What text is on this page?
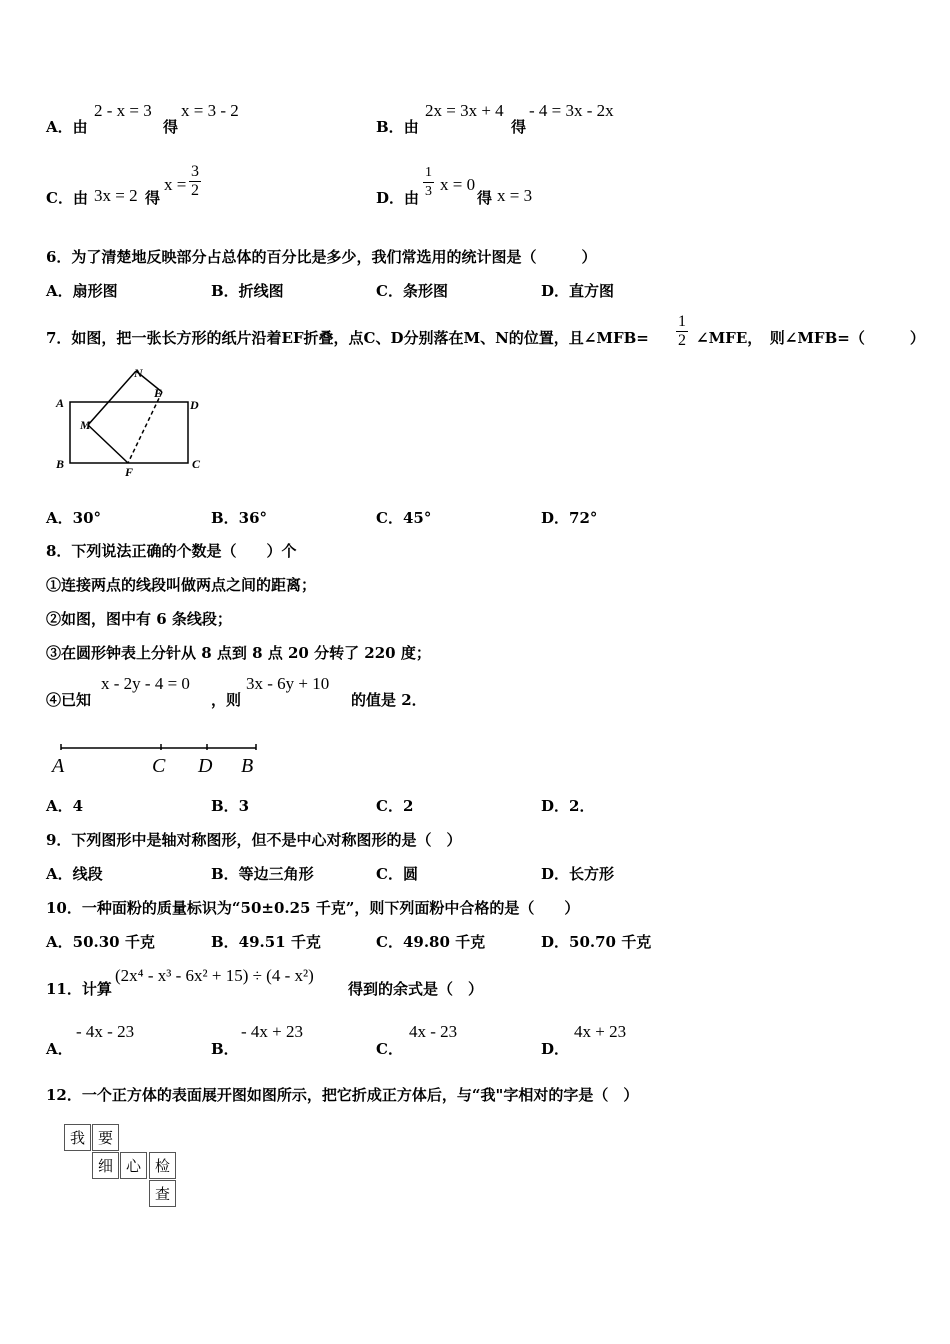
A．由
2 - x = 3
得
x = 3 - 2
B．由
2x = 3x + 4
得
- 4 = 3x - 2x
C．由 3x = 2 得
$x = \frac{3}{2}$	D．由 $\frac{1}{3}$ x = 0
得 x = 3
6．为了清楚地反映部分占总体的百分比是多少，我们常选用的统计图是（　　　）
A．扇形图	B．折线图	C．条形图	D．直方图
7．如图，把一张长方形的纸片沿着EF折叠，点C、D分别落在M、N的位置，且∠MFB= $\frac{1}{2}$ ∠MFE，　则∠MFB=（　　　）
A
B	C
D
E
F
M
N
A．30°	B．36°	C．45°	D．72°
8．下列说法正确的个数是（　　）个
①连接两点的线段叫做两点之间的距离；
②如图，图中有 6 条线段；
③在圆形钟表上分针从 8 点到 8 点 20 分转了 220 度；
④已知
x - 2y - 4 = 0
，则
3x - 6y + 10
的值是 2．
A	C D B
A．4	B．3	C．2	D．2．
9．下列图形中是轴对称图形，但不是中心对称图形的是（　）
A．线段	B．等边三角形	C．圆	D．长方形
10．一种面粉的质量标识为“50±0.25 千克”，则下列面粉中合格的是（　　）
A．50.30 千克	B．49.51 千克	C．49.80 千克	D．50.70 千克
11．计算
(2x⁴ - x³ - 6x² + 15) ÷ (4 - x²)
得到的余式是（　）
A．
- 4x - 23
B．
- 4x + 23
C．
4x - 23
D．
4x + 23
12．一个正方体的表面展开图如图所示，把它折成正方体后，与“我"字相对的字是（　）
我 要
细 心 检
查
